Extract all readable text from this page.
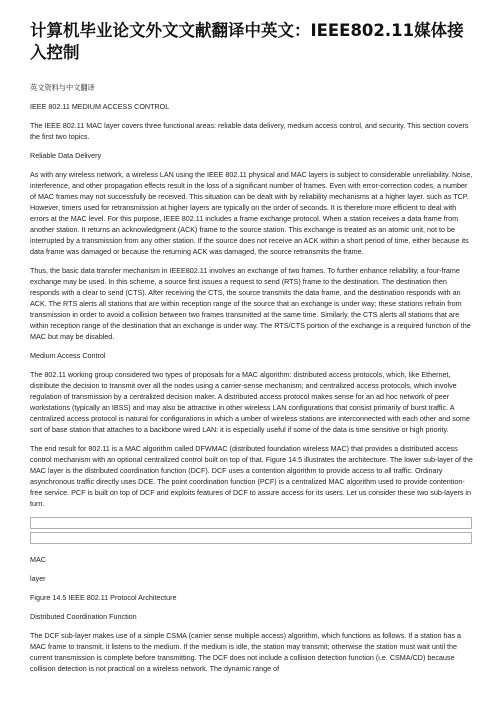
计算机毕业论文外文文献翻译中英文：IEEE802.11媒体接入控制

英文资料与中文翻译

IEEE 802.11 MEDIUM ACCESS CONTROL

The IEEE 802.11 MAC layer covers three functional areas: reliable data delivery, medium access control, and security. This section covers the first two topics.

Reliable Data Delivery

As with any wireless network, a wireless LAN using the IEEE 802.11 physical and MAC layers is subject to considerable unreliability. Noise, interference, and other propagation effects result in the loss of a significant number of frames. Even with error-correction codes, a number of MAC frames may not successfully be received. This situation can be dealt with by reliability mechanisms at a higher layer. such as TCP. However, timers used for retransmission at higher layers are typically on the order of seconds. It is therefore more efficient to deal with errors at the MAC level. For this purpose, IEEE 802.11 includes a frame exchange protocol. When a station receives a data frame from another station. It returns an acknowledgment (ACK) frame to the source station. This exchange is treated as an atomic unit, not to be interrupted by a transmission from any other station. If the source does not receive an ACK within a short period of time, either because its data frame was damaged or because the returning ACK was damaged, the source retransmits the frame.

Thus, the basic data transfer mechanism in IEEE802.11 involves an exchange of two frames. To further enhance reliability, a four-frame exchange may be used. In this scheme, a source first issues a request to send (RTS) frame to the destination. The destination then responds with a clear to send (CTS). After receiving the CTS, the source transmits the data frame, and the destination responds with an ACK. The RTS alerts all stations that are within reception range of the source that an exchange is under way; these stations refrain from transmission in order to avoid a collision between two frames transmitted at the same time. Similarly, the CTS alerts all stations that are within reception range of the destination that an exchange is under way. The RTS/CTS portion of the exchange is a required function of the MAC but may be disabled.

Medium Access Control

The 802.11 working group considered two types of proposals for a MAC algorithm: distributed access protocols, which, like Ethernet, distribute the decision to transmit over all the nodes using a carrier-sense mechanism; and centralized access protocols, which involve regulation of transmission by a centralized decision maker. A distributed access protocol makes sense for an ad hoc network of peer workstations (typically an IBSS) and may also be attractive in other wireless LAN configurations that consist primarily of burst traffic. A centralized access protocol is natural for configurations in which a umber of wireless stations are interconnected with each other and some sort of base station that attaches to a backbone wired LAN: it is especially useful if some of the data is time sensitive or high priority.

The end result for 802.11 is a MAC algorithm called DFWMAC (distributed foundation wireless MAC) that provides a distributed access control mechanism with an optional centralized control built on top of that. Figure 14.5 illustrates the architecture. The lower sub-layer of the MAC layer is the distributed coordination function (DCF). DCF uses a contention algorithm to provide access to all traffic. Ordinary asynchronous traffic directly uses DCE. The point coordination function (PCF) is a centralized MAC algorithm used to provide contention-free service. PCF is built on top of DCF and exploits features of DCF to assure access for its users. Let us consider these two sub-layers in turn.

MAC

layer

Figure 14.5 IEEE 802.11 Protocol Architecture

Distributed Coordination Function

The DCF sub-layer makes use of a simple CSMA (carrier sense multiple access) algorithm, which functions as follows. If a station has a MAC frame to transmit, it listens to the medium. If the medium is idle, the station may transmit; otherwise the station must wait until the current transmission is complete before transmitting. The DCF does not include a collision detection function (i.e. CSMA/CD) because collision detection is not practical on a wireless network. The dynamic range of
